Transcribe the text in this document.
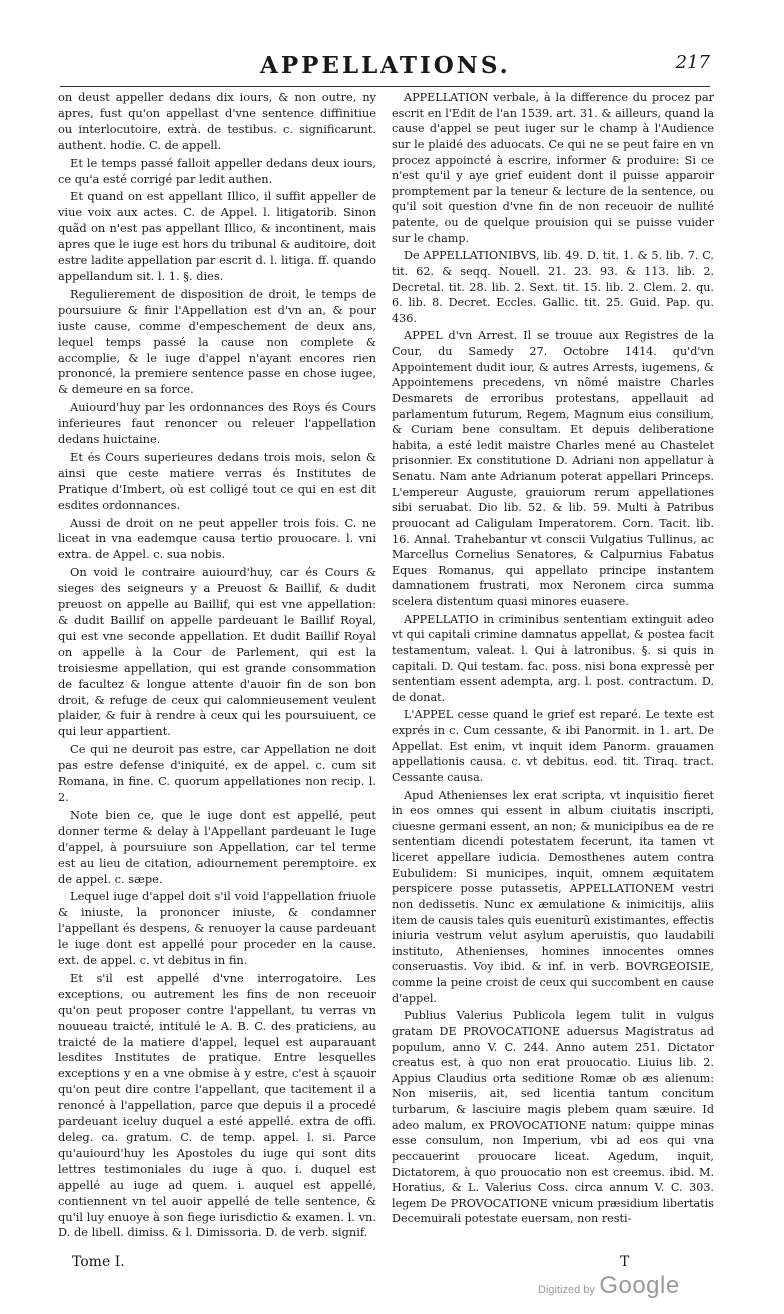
APPELLATIONS.	217

on deust appeller dedans dix iours, & non outre, ny apres, fust qu'on appellast d'vne sentence diffinitiue ou interlocutoire, extrà. de testibus. c. significarunt. authent. hodie. C. de appell.

Et le temps passé falloit appeller dedans deux iours, ce qu'a esté corrigé par ledit authen.

Et quand on est appellant Illico, il suffit appeller de viue voix aux actes. C. de Appel. l. litigatorib. Sinon quãd on n'est pas appellant Illico, & incontinent, mais apres que le iuge est hors du tribunal & auditoire, doit estre ladite appellation par escrit d. l. litiga. ff. quando appellandum sit. l. 1. §. dies.

Regulierement de disposition de droit, le temps de poursuiure & finir l'Appellation est d'vn an, & pour iuste cause, comme d'empeschement de deux ans, lequel temps passé la cause non complete & accomplie, & le iuge d'appel n'ayant encores rien prononcé, la premiere sentence passe en chose iugee, & demeure en sa force.

Auiourd'huy par les ordonnances des Roys és Cours inferieures faut renoncer ou releuer l'appellation dedans huictaine.

Et és Cours superieures dedans trois mois, selon & ainsi que ceste matiere verras és Institutes de Pratique d'Imbert, où est colligé tout ce qui en est dit esdites ordonnances.

Aussi de droit on ne peut appeller trois fois. C. ne liceat in vna eademque causa tertio prouocare. l. vni extra. de Appel. c. sua nobis.

On void le contraire auiourd'huy, car és Cours & sieges des seigneurs y a Preuost & Baillif, & dudit preuost on appelle au Baillif, qui est vne appellation: & dudit Baillif on appelle pardeuant le Baillif Royal, qui est vne seconde appellation. Et dudit Baillif Royal on appelle à la Cour de Parlement, qui est la troisiesme appellation, qui est grande consommation de facultez & longue attente d'auoir fin de son bon droit, & refuge de ceux qui calomnieusement veulent plaider, & fuir à rendre à ceux qui les poursuiuent, ce qui leur appartient.

Ce qui ne deuroit pas estre, car Appellation ne doit pas estre defense d'iniquité, ex de appel. c. cum sit Romana, in fine. C. quorum appellationes non recip. l. 2.

Note bien ce, que le iuge dont est appellé, peut donner terme & delay à l'Appellant pardeuant le Iuge d'appel, à poursuiure son Appellation, car tel terme est au lieu de citation, adiournement peremptoire. ex de appel. c. sæpe.

Lequel iuge d'appel doit s'il void l'appellation friuole & iniuste, la prononcer iniuste, & condamner l'appellant és despens, & renuoyer la cause pardeuant le iuge dont est appellé pour proceder en la cause. ext. de appel. c. vt debitus in fin.

Et s'il est appellé d'vne interrogatoire. Les exceptions, ou autrement les fins de non receuoir qu'on peut proposer contre l'appellant, tu verras vn nouueau traicté, intitulé le A. B. C. des praticiens, au traicté de la matiere d'appel, lequel est auparauant lesdites Institutes de pratique. Entre lesquelles exceptions y en a vne obmise à y estre, c'est à sçauoir qu'on peut dire contre l'appellant, que tacitement il a renoncé à l'appellation, parce que depuis il a procedé pardeuant iceluy duquel a esté appellé. extra de offi. deleg. ca. gratum. C. de temp. appel. l. si. Parce qu'auiourd'huy les Apostoles du iuge qui sont dits lettres testimoniales du iuge à quo. i. duquel est appellé au iuge ad quem. i. auquel est appellé, contiennent vn tel auoir appellé de telle sentence, & qu'il luy enuoye à son fiege iurisdictio & examen. l. vn. D. de libell. dimiss. & l. Dimissoria. D. de verb. signif.

APPELLATION verbale, à la difference du procez par escrit en l'Edit de l'an 1539. art. 31. & ailleurs, quand la cause d'appel se peut iuger sur le champ à l'Audience sur le plaidé des aduocats. Ce qui ne se peut faire en vn procez appoincté à escrire, informer & produire: Si ce n'est qu'il y aye grief euident dont il puisse apparoir promptement par la teneur & lecture de la sentence, ou qu'il soit question d'vne fin de non receuoir de nullité patente, ou de quelque prouision qui se puisse vuider sur le champ.

De APPELLATIONIBVS, lib. 49. D. tit. 1. & 5. lib. 7. C. tit. 62. & seqq. Nouell. 21. 23. 93. & 113. lib. 2. Decretal. tit. 28. lib. 2. Sext. tit. 15. lib. 2. Clem. 2. qu. 6. lib. 8. Decret. Eccles. Gallic. tit. 25. Guid. Pap. qu. 436.

APPEL d'vn Arrest. Il se trouue aux Registres de la Cour, du Samedy 27. Octobre 1414. qu'd'vn Appointement dudit iour, & autres Arrests, iugemens, & Appointemens precedens, vn nõmé maistre Charles Desmarets de erroribus protestans, appellauit ad parlamentum futurum, Regem, Magnum eius consilium, & Curiam bene consultam. Et depuis deliberatione habita, a esté ledit maistre Charles mené au Chastelet prisonnier. Ex constitutione D. Adriani non appellatur à Senatu. Nam ante Adrianum poterat appellari Princeps. L'empereur Auguste, grauiorum rerum appellationes sibi seruabat. Dio lib. 52. & lib. 59. Multi à Patribus prouocant ad Caligulam Imperatorem. Corn. Tacit. lib. 16. Annal. Trahebantur vt conscii Vulgatius Tullinus, ac Marcellus Cornelius Senatores, & Calpurnius Fabatus Eques Romanus, qui appellato principe instantem damnationem frustrati, mox Neronem circa summa scelera distentum quasi minores euasere.

APPELLATIO in criminibus sententiam extinguit adeo vt qui capitali crimine damnatus appellat, & postea facit testamentum, valeat. l. Qui à latronibus. §. si quis in capitali. D. Qui testam. fac. poss. nisi bona expressè per sententiam essent adempta, arg. l. post. contractum. D. de donat.

L'APPEL cesse quand le grief est reparé. Le texte est exprés in c. Cum cessante, & ibi Panormit. in 1. art. De Appellat. Est enim, vt inquit idem Panorm. grauamen appellationis causa. c. vt debitus. eod. tit. Tiraq. tract. Cessante causa.

Apud Athenienses lex erat scripta, vt inquisitio fieret in eos omnes qui essent in album ciuitatis inscripti, ciuesne germani essent, an non; & municipibus ea de re sententiam dicendi potestatem fecerunt, ita tamen vt liceret appellare iudicia. Demosthenes autem contra Eubulidem: Si municipes, inquit, omnem æquitatem perspicere posse putassetis, APPELLATIONEM vestri non dedissetis. Nunc ex æmulatione & inimicitijs, aliis item de causis tales quis eueniturũ existimantes, effectis iniuria vestrum velut asylum aperuistis, quo laudabili instituto, Athenienses, homines innocentes omnes conseruastis. Voy ibid. & inf. in verb. BOVRGEOISIE, comme la peine croist de ceux qui succombent en cause d'appel.

Publius Valerius Publicola legem tulit in vulgus gratam DE PROVOCATIONE aduersus Magistratus ad populum, anno V. C. 244. Anno autem 251. Dictator creatus est, à quo non erat prouocatio. Liuius lib. 2. Appius Claudius orta seditione Romæ ob æs alienum: Non miseriis, ait, sed licentia tantum concitum turbarum, & lasciuire magis plebem quam sæuire. Id adeo malum, ex PROVOCATIONE natum: quippe minas esse consulum, non Imperium, vbi ad eos qui vna peccauerint prouocare liceat. Agedum, inquit, Dictatorem, à quo prouocatio non est creemus. ibid. M. Horatius, & L. Valerius Coss. circa annum V. C. 303. legem De PROVOCATIONE vnicum præsidium libertatis Decemuirali potestate euersam, non resti-

Tome I.	T
Digitized by Google
